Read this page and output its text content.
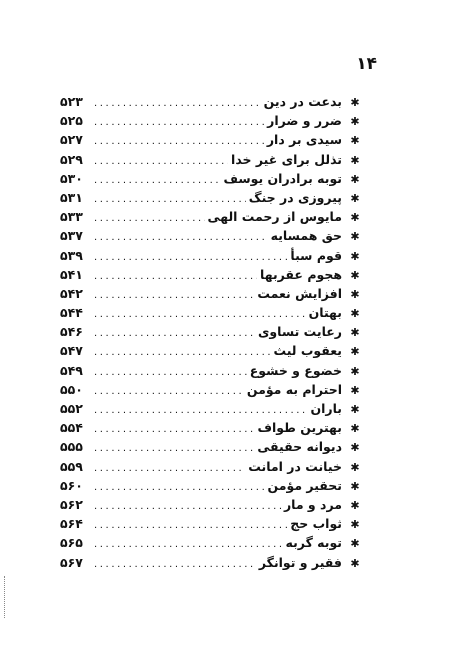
۱۴
✱
بدعت در دین
.....
۵۲۳
✱
ضرر و ضرار
.....
۵۲۵
✱
سیدی بر دار
.....
۵۲۷
✱
تذلل برای غیر خدا
.....
۵۲۹
✱
توبه برادران یوسف
.....
۵۳۰
✱
پیروزی در جنگ
.....
۵۳۱
✱
مایوس از رحمت الهی
.....
۵۳۳
✱
حق همسایه
.....
۵۳۷
✱
قوم سبأ
.....
۵۳۹
✱
هجوم عقربها
.....
۵۴۱
✱
افزایش نعمت
.....
۵۴۲
✱
بهتان
.....
۵۴۴
✱
رعایت تساوی
.....
۵۴۶
✱
یعقوب لیث
.....
۵۴۷
✱
خضوع و خشوع
.....
۵۴۹
✱
احترام به مؤمن
.....
۵۵۰
✱
باران
.....
۵۵۲
✱
بهترین طواف
.....
۵۵۴
✱
دیوانه حقیقی
.....
۵۵۵
✱
خیانت در امانت
.....
۵۵۹
✱
تحقیر مؤمن
.....
۵۶۰
✱
مرد و مار
.....
۵۶۲
✱
ثواب حج
.....
۵۶۴
✱
توبه گربه
.....
۵۶۵
✱
فقیر و توانگر
.....
۵۶۷
